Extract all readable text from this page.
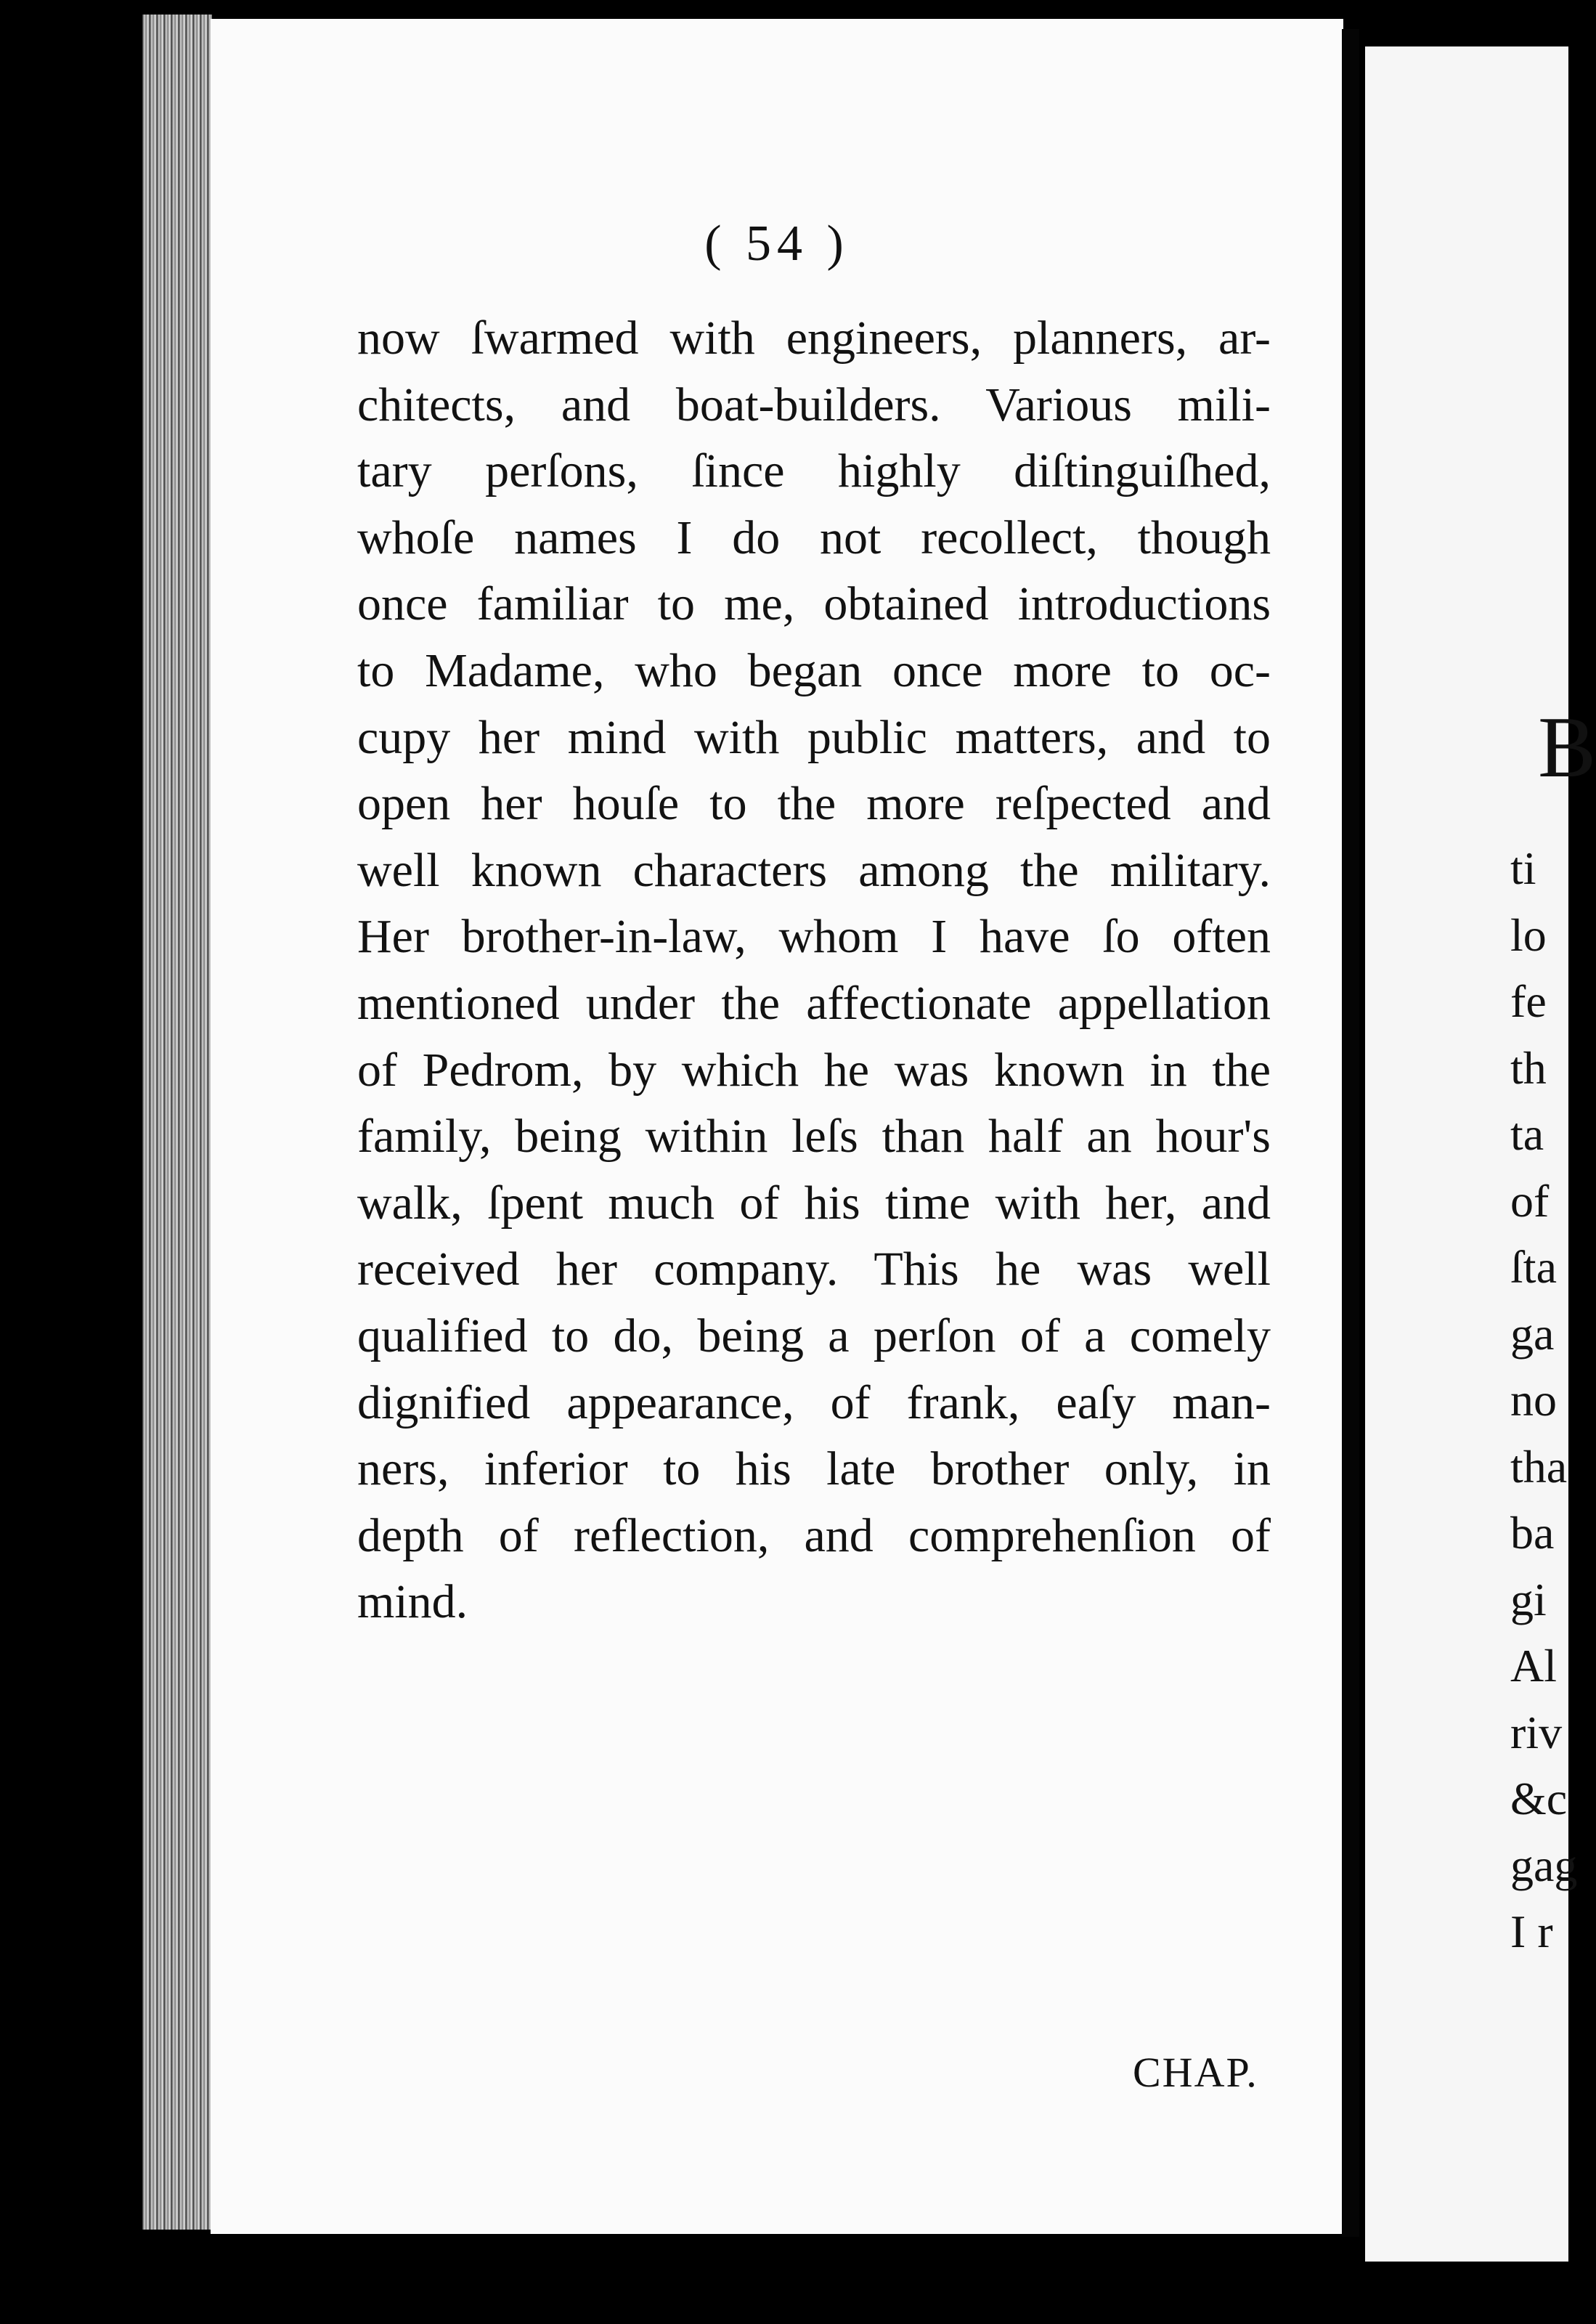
( 54 )
now ſwarmed with engineers, planners, ar-
chitects, and boat-builders. Various mili-
tary perſons, ſince highly diſtinguiſhed,
whoſe names I do not recollect, though
once familiar to me, obtained introductions
to Madame, who began once more to oc-
cupy her mind with public matters, and to
open her houſe to the more reſpected and
well known characters among the military.
Her brother-in-law, whom I have ſo often
mentioned under the affectionate appellation
of Pedrom, by which he was known in the
family, being within leſs than half an hour's
walk, ſpent much of his time with her, and
received her company. This he was well
qualified to do, being a perſon of a comely
dignified appearance, of frank, eaſy man-
ners, inferior to his late brother only, in
depth of reflection, and comprehenſion of
mind.
CHAP.
B
ti
lo
fe
th
ta
of
ſta
ga
no
tha
ba
gi
Al
riv
&c
gag
I r
